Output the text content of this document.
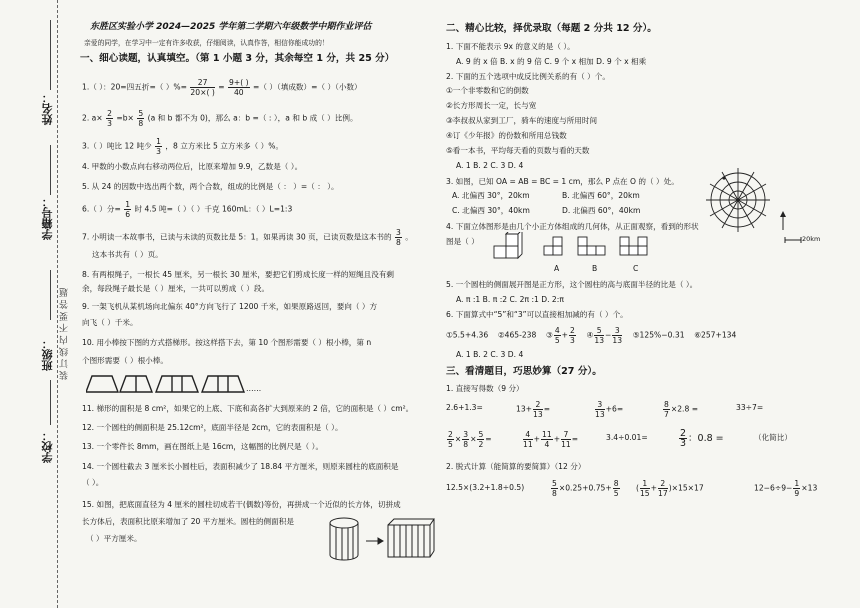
姓名：
学籍号：
班级：
学校：
装 订 线 内 不 要 答 题
东胜区实验小学 2024—2025 学年第二学期六年级数学中期作业评估
亲爱的同学，在学习中一定有许多收获，仔细阅读，认真作答，相信你能成功的！
一、细心读题，认真填空。（第 1 小题 3 分，其余每空 1 分，共 25 分）
1.（ ）：20=四五折=（ ）%= $\frac{27}{20\times( )} = \frac{9+( )}{40}$ =（ ）（填成数）=（ ）（小数）
2. $a\times \frac{2}{3} =b\times \frac{5}{8} (a$ 和 b 都不为 0)，那么 a：b =（ : ），a 和 b 成（ ）比例。
3.（ ）吨比 12 吨少 $\frac{1}{3}$ ，8 立方米比 5 立方米多（ ）%。
4. 甲数的小数点向右移动两位后，比原来增加 9.9，乙数是（ ）。
5. 从 24 的因数中选出两个数，两个合数，组成的比例是（ ： ）=（ ： ）。
6.（ ）分= $\frac{1}{6}$ 时 4.5 吨=（ ）（ ）千克 160mL：（ ）L=1:3
7. 小明读一本故事书，已读与未读的页数比是 5：1。如果再读 30 页，已读页数是这本书的 $\frac{3}{8}$ 。
这本书共有（ ）页。
8. 有两根绳子，一根长 45 厘米，另一根长 30 厘米，要把它们剪成长度一样的短绳且没有剩
余，每段绳子最长是（ ）厘米，一共可以剪成（ ）段。
9. 一架飞机从某机场向北偏东 40°方向飞行了 1200 千米，如果原路返回，要向（ ）方
向飞（ ）千米。
10. 用小棒按下图的方式搭梯形。按这样搭下去，第 10 个图形需要（ ）根小棒，第 n
个图形需要（ ）根小棒。
……
11. 梯形的面积是 8 cm²，如果它的上底、下底和高各扩大到原来的 2 倍，它的面积是（ ）cm²。
12. 一个圆柱的侧面积是 25.12cm²，底面半径是 2cm，它的表面积是（ ）。
13. 一个零件长 8mm，画在图纸上是 16cm，这幅图的比例尺是（ ）。
14. 一个圆柱截去 3 厘米长小圆柱后，表面积减少了 18.84 平方厘米，则原来圆柱的底面积是
（ ）。
15. 如图，把底面直径为 4 厘米的圆柱切成若干(偶数)等份，再拼成一个近似的长方体，切拼成
长方体后，表面积比原来增加了 20 平方厘米。圆柱的侧面积是
（ ）平方厘米。
二、精心比较，择优录取（每题 2 分共 12 分）。
1. 下面不能表示 9x 的意义的是（ ）。
A. 9 的 x 倍 B. x 的 9 倍 C. 9 个 x 相加 D. 9 个 x 相乘
2. 下面的五个选项中成反比例关系的有（ ）个。
①一个非零数和它的倒数
②长方形周长一定，长与宽
③李叔叔从家到工厂，骑车的速度与所用时间
④订《少年报》的份数和所用总钱数
⑤看一本书，平均每天看的页数与看的天数
A. 1 B. 2 C. 3 D. 4
3. 如图，已知 OA = AB = BC = 1 cm，那么 P 点在 O 的（ ）处。
A. 北偏西 30°，20km	B. 北偏西 60°，20km
C. 北偏西 30°，40km	D. 北偏西 60°，40km
20km
4. 下面立体图形是由几个小正方体组成的几何体，从正面观察，看到的形状
图是（ ）
A	B	C
5. 一个圆柱的侧面展开图是正方形，这个圆柱的高与底面半径的比是（ ）。
A. π :1 B. π :2 C. 2π :1 D. 2:π
6. 下面算式中“5”和“3”可以直接相加减的有（ ）个。
①5.5+4.36 ②465-238 ③ $\frac{4}{5} + \frac{2}{3}$ ④ $\frac{5}{13} - \frac{3}{13}$ ⑤125%−0.31 ⑥257+134
A. 1 B. 2 C. 3 D. 4
三、看清题目，巧思妙算（27 分）。
1. 直接写得数（9 分）
2.6+1.3=	$13+ \frac{2}{13}$ =	$\frac{3}{13} +6=$	$\frac{8}{7} \times 2.8$ =	33÷7=
$\frac{2}{5} \times \frac{3}{8} \times \frac{5}{2}$ =	$\frac{4}{11} + \frac{11}{4} + \frac{7}{11}$ =	3.4÷0.01=	$\frac{2}{3}$ ：0.8 =	（化简比）
2. 脱式计算（能简算的要简算）（12 分）
12.5×(3.2+1.8÷0.5)	$\frac{5}{8} \times 0.25+0.75+ \frac{8}{5}$ ( $\frac{1}{15} + \frac{2}{17} )\times 15\times 17$	$12-6\div 9- \frac{1}{9} \times 13$
